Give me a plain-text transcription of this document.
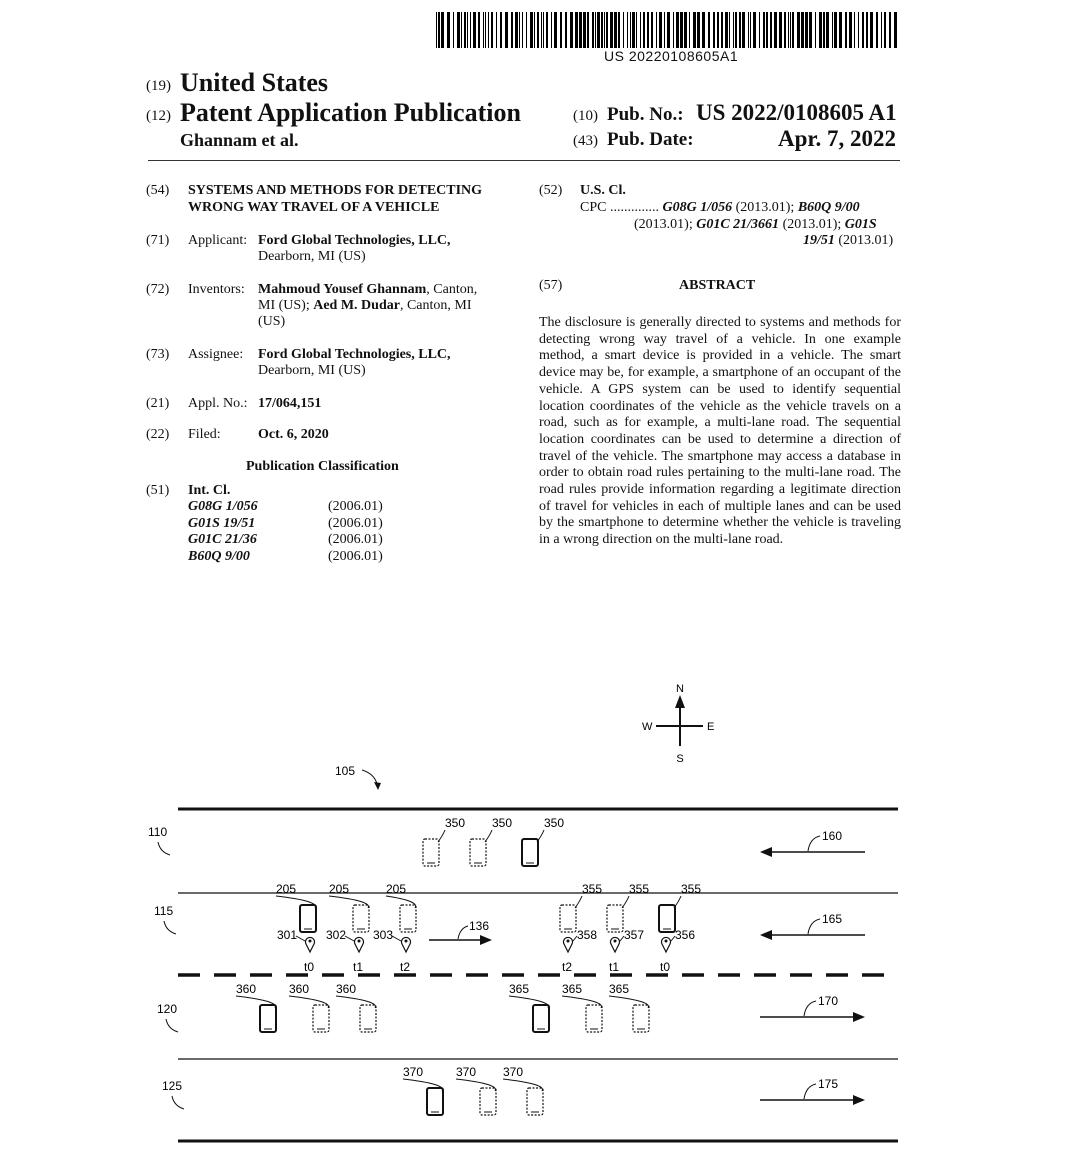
US 20220108605A1
(19) United States
(12) Patent Application Publication
Ghannam et al.
(10) Pub. No.: US 2022/0108605 A1
(43) Pub. Date:	Apr. 7, 2022
(54) SYSTEMS AND METHODS FOR DETECTING
WRONG WAY TRAVEL OF A VEHICLE
(71) Applicant: Ford Global Technologies, LLC,
Dearborn, MI (US)
(72) Inventors: Mahmoud Yousef Ghannam, Canton,
MI (US); Aed M. Dudar, Canton, MI
(US)
(73) Assignee: Ford Global Technologies, LLC,
Dearborn, MI (US)
(21) Appl. No.: 17/064,151
(22) Filed:	Oct. 6, 2020
Publication Classification
(51) Int. Cl.
G08G 1/056	(2006.01)
G01S 19/51	(2006.01)
G01C 21/36	(2006.01)
B60Q 9/00	(2006.01)
(52) U.S. Cl.
CPC .............. G08G 1/056 (2013.01); B60Q 9/00
(2013.01); G01C 21/3661 (2013.01); G01S
19/51 (2013.01)
(57)	ABSTRACT
The disclosure is generally directed to systems and methods for detecting wrong way travel of a vehicle. In one example method, a smart device is provided in a vehicle. The smart device may be, for example, a smartphone of an occupant of the vehicle. A GPS system can be used to identify sequential location coordinates of the vehicle as the vehicle travels on a road, such as for example, a multi-lane road. The sequential location coordinates can be used to determine a direction of travel of the vehicle. The smartphone may access a database in order to obtain road rules pertaining to the multi-lane road. The road rules provide information regarding a legitimate direction of travel for vehicles in each of multiple lanes and can be used by the smartphone to determine whether the vehicle is traveling in a wrong direction on the multi-lane road.
N
S
E
W
105
110
115
120
125
160
165
136
170
175
350 350	350
205	205	205
301
t0
302
t1
303
t2
355 355	355
358
t2
357
t1
356
t0
360	360 360	365	365 365
370	370 370
